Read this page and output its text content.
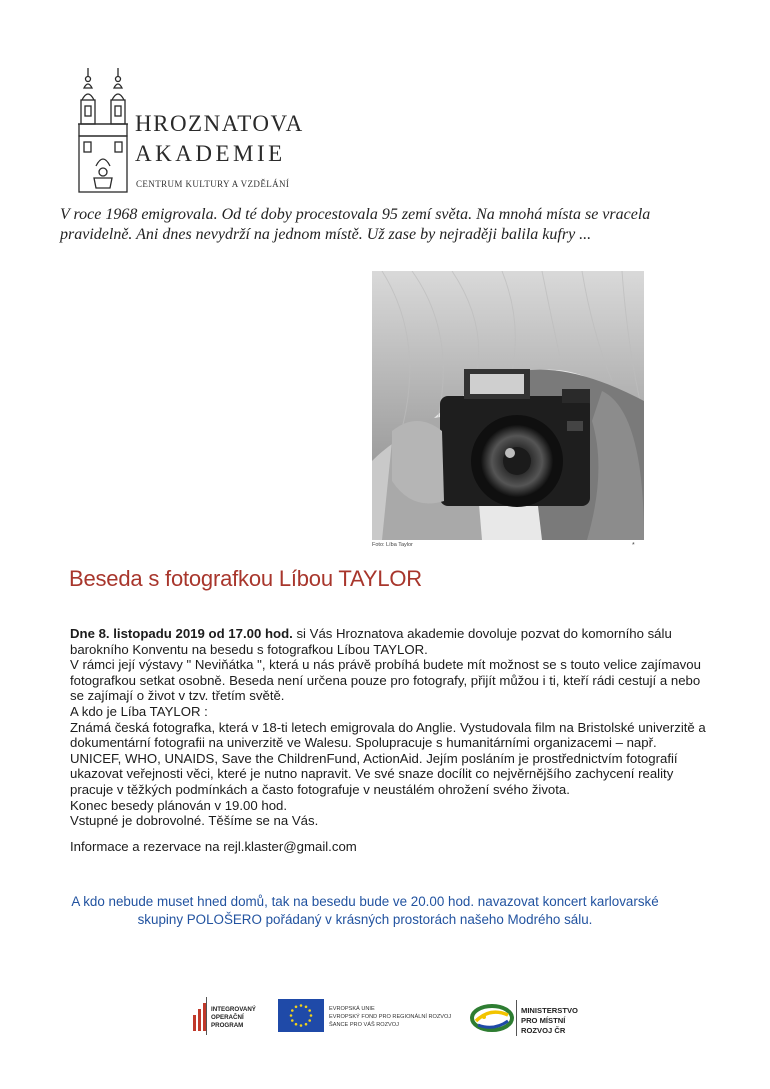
HROZNATOVA
AKADEMIE
CENTRUM KULTURY A VZDĚLÁNÍ
V roce 1968 emigrovala. Od té doby procestovala 95 zemí světa. Na mnohá místa se vracela pravidelně. Ani dnes nevydrží na jednom místě. Už zase by nejraději balila kufry ...
Foto: Líba Taylor	*
Beseda s fotografkou Líbou TAYLOR

Dne 8. listopadu 2019 od 17.00 hod. si Vás Hroznatova akademie dovoluje pozvat do komorního sálu barokního Konventu na besedu s fotografkou Líbou TAYLOR.

V rámci její výstavy " Neviňátka ", která u nás právě probíhá budete mít možnost se s touto velice zajímavou fotografkou setkat osobně. Beseda není určena pouze pro fotografy, přijít můžou i ti, kteří rádi cestují a nebo se zajímají o život v tzv. třetím světě.

A kdo je Líba TAYLOR :

Známá česká fotografka, která v 18-ti letech emigrovala do Anglie. Vystudovala film na Bristolské univerzitě a dokumentární fotografii na univerzitě ve Walesu. Spolupracuje s humanitárními organizacemi – např. UNICEF, WHO, UNAIDS, Save the ChildrenFund, ActionAid. Jejím posláním je prostřednictvím fotografií ukazovat veřejnosti věci, které je nutno napravit. Ve své snaze docílit co nejvěrnějšího zachycení reality pracuje v těžkých podmínkách a často fotografuje v neustálém ohrožení svého života.

Konec besedy plánován v 19.00 hod.

Vstupné je dobrovolné. Těšíme se na Vás.

Informace a rezervace na rejl.klaster@gmail.com

A kdo nebude muset hned domů, tak na besedu bude ve 20.00 hod. navazovat koncert karlovarské skupiny POLOŠERO pořádaný v krásných prostorách našeho Modrého sálu.
INTEGROVANÝ
OPERAČNÍ
PROGRAM
EVROPSKÁ UNIE
EVROPSKÝ FOND PRO REGIONÁLNÍ ROZVOJ
ŠANCE PRO VÁŠ ROZVOJ
MINISTERSTVO
PRO MÍSTNÍ
ROZVOJ ČR
